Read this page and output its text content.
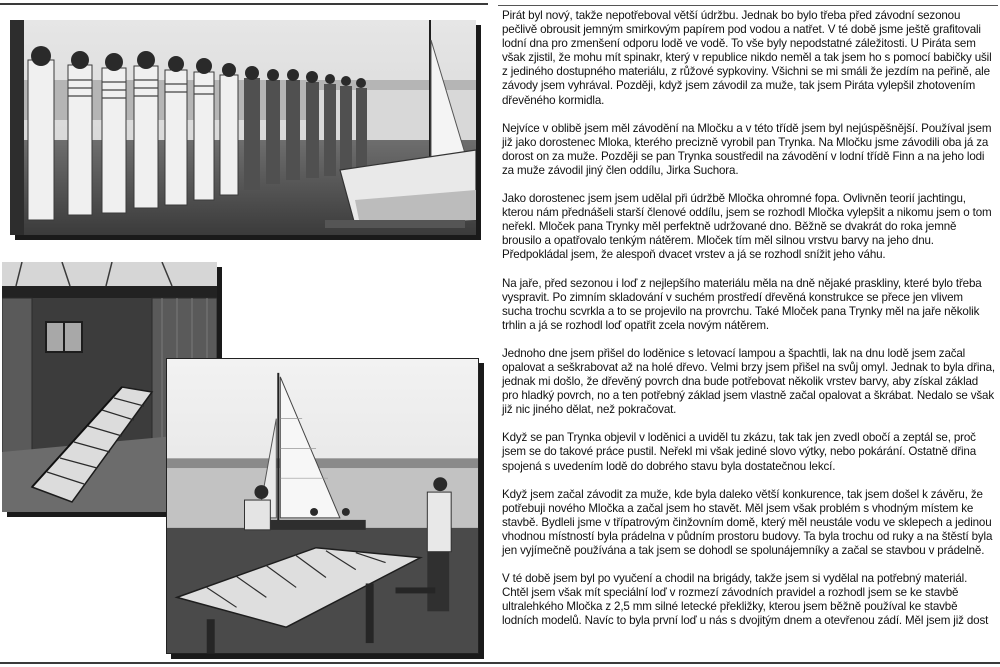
Pirát byl nový, takže nepotřeboval větší údržbu. Jednak bo bylo třeba před závodní sezonou pečlivě obrousit jemným smirkovým papírem pod vodou a natřet. V té době jsme ještě grafitovali lodní dna pro zmenšení odporu lodě ve vodě. To vše byly nepodstatné záležitosti. U Piráta sem však zjistil, že mohu mít spinakr, který v republice nikdo neměl a tak jsem ho s pomocí babičky ušil z jediného dostupného materiálu, z růžové sypkoviny. Všichni se mi smáli že jezdím na peřině, ale závody jsem vyhrával. Později, když jsem závodil za muže, tak jsem Piráta vylepšil zhotovením dřevěného kormidla.

Nejvíce v oblibě jsem měl závodění na Mločku a v této třídě jsem byl nejúspěšnější. Používal jsem již jako dorostenec Mloka, kterého precizně vyrobil pan Trynka. Na Mločku jsme závodili oba já za dorost on za muže. Později se pan Trynka soustředil na závodění v lodní třídě Finn a na jeho lodi za muže závodil jiný člen oddílu, Jirka Suchora.

Jako dorostenec jsem jsem udělal při údržbě Mločka ohromné fopa. Ovlivněn teorií jachtingu, kterou nám přednášeli starší členové oddílu, jsem se rozhodl Mločka vylepšit a nikomu jsem o tom neřekl. Mloček pana Trynky měl perfektně udržované dno. Běžně se dvakrát do roka jemně brousilo a opatřovalo tenkým nátěrem. Mloček tím měl silnou vrstvu barvy na jeho dnu. Předpokládal jsem, že alespoň dvacet vrstev a já se rozhodl snížit jeho váhu.

Na jaře, před sezonou i loď z nejlepšího materiálu měla na dně nějaké praskliny, které bylo třeba vyspravit. Po zimním skladování v suchém prostředí dřevěná konstrukce se přece jen vlivem sucha trochu scvrkla a to se projevilo na provrchu. Také Mloček pana Trynky měl na jaře několik trhlin a já se rozhodl loď opatřit zcela novým nátěrem.

Jednoho dne jsem přišel do loděnice s letovací lampou a špachtli, lak na dnu lodě jsem začal opalovat a seškrabovat až na holé dřevo. Velmi brzy jsem přišel na svůj omyl. Jednak to byla dřina, jednak mi došlo, že dřevěný povrch dna bude potřebovat několik vrstev barvy, aby získal základ pro hladký povrch, no a ten potřebný základ jsem vlastně začal opalovat a škrábat. Nedalo se však již nic jiného dělat, než pokračovat.

Když se pan Trynka objevil v loděnici a uviděl tu zkázu, tak tak jen zvedl obočí a zeptál se, proč jsem se do takové práce pustil. Neřekl mi však jediné slovo výtky, nebo pokárání. Ostatně dřina spojená s uvedením lodě do dobrého stavu byla dostatečnou lekcí.

Když jsem začal závodit za muže, kde byla daleko větší konkurence, tak jsem došel k závěru, že potřebuji nového Mločka a začal jsem ho stavět. Měl jsem však problém s vhodným místem ke stavbě. Bydleli jsme v třípatrovým činžovním domě, který měl neustále vodu ve sklepech a jedinou vhodnou místností byla prádelna v půdním prostoru budovy. Ta byla trochu od ruky a na štěstí byla jen vyjímečně používána a tak jsem se dohodl se spolunájemníky a začal se stavbou v prádelně.

V té době jsem byl po vyučení a chodil na brigády, takže jsem si vydělal na potřebný materiál. Chtěl jsem však mít speciální loď v rozmezí závodních pravidel a rozhodl jsem se ke stavbě ultralehkého Mločka z 2,5 mm silné letecké překližky, kterou jsem běžně používal ke stavbě lodních modelů. Navíc to byla první loď u nás s dvojitým dnem a otevřenou zádí. Měl jsem již dost
